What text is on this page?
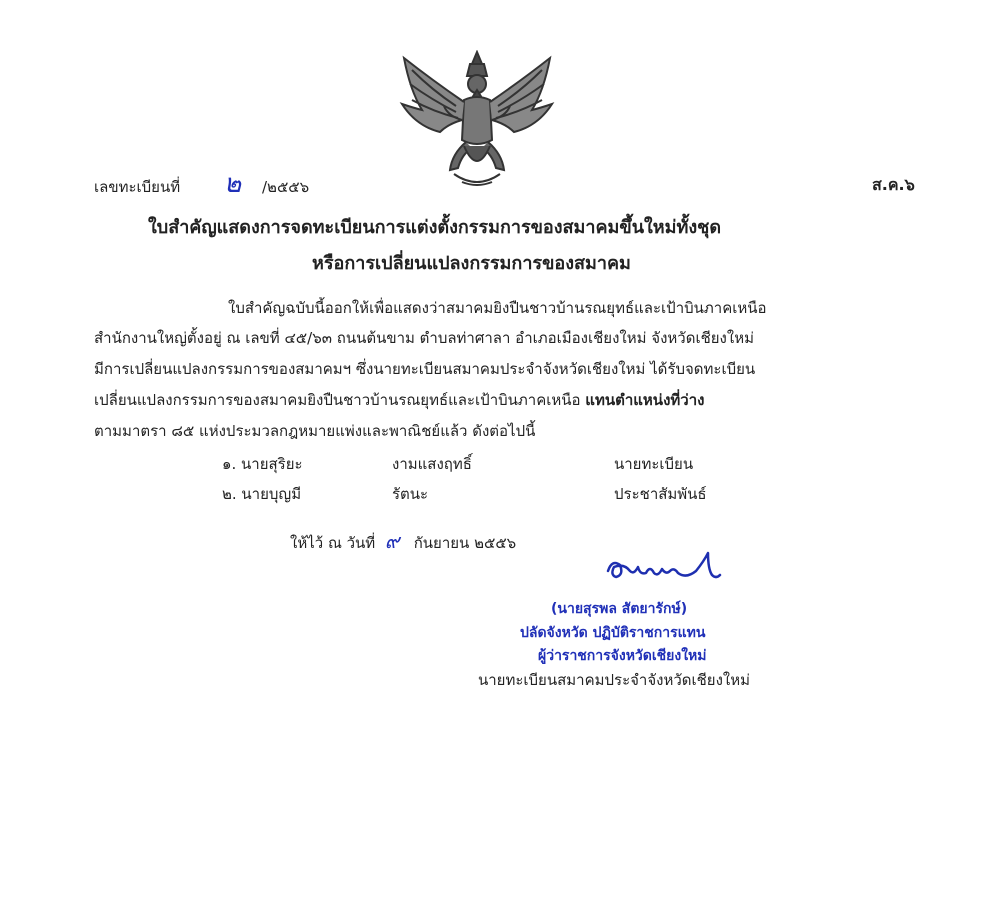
เลขทะเบียนที่ ๒ /๒๕๕๖	ส.ค.๖
ใบสำคัญแสดงการจดทะเบียนการแต่งตั้งกรรมการของสมาคมขึ้นใหม่ทั้งชุด
หรือการเปลี่ยนแปลงกรรมการของสมาคม
ใบสำคัญฉบับนี้ออกให้เพื่อแสดงว่าสมาคมยิงปืนชาวบ้านรณยุทธ์และเป้าบินภาคเหนือ
สำนักงานใหญ่ตั้งอยู่ ณ เลขที่ ๔๕/๖๓ ถนนต้นขาม ตำบลท่าศาลา อำเภอเมืองเชียงใหม่ จังหวัดเชียงใหม่
มีการเปลี่ยนแปลงกรรมการของสมาคมฯ ซึ่งนายทะเบียนสมาคมประจำจังหวัดเชียงใหม่ ได้รับจดทะเบียน
เปลี่ยนแปลงกรรมการของสมาคมยิงปืนชาวบ้านรณยุทธ์และเป้าบินภาคเหนือ แทนตำแหน่งที่ว่าง
ตามมาตรา ๘๕ แห่งประมวลกฎหมายแพ่งและพาณิชย์แล้ว ดังต่อไปนี้
๑. นายสุริยะ	งามแสงฤทธิ์	นายทะเบียน
๒. นายบุญมี	รัตนะ	ประชาสัมพันธ์
ให้ไว้ ณ วันที่ ๙ กันยายน ๒๕๕๖
(นายสุรพล สัตยารักษ์)
ปลัดจังหวัด ปฏิบัติราชการแทน
ผู้ว่าราชการจังหวัดเชียงใหม่
นายทะเบียนสมาคมประจำจังหวัดเชียงใหม่
